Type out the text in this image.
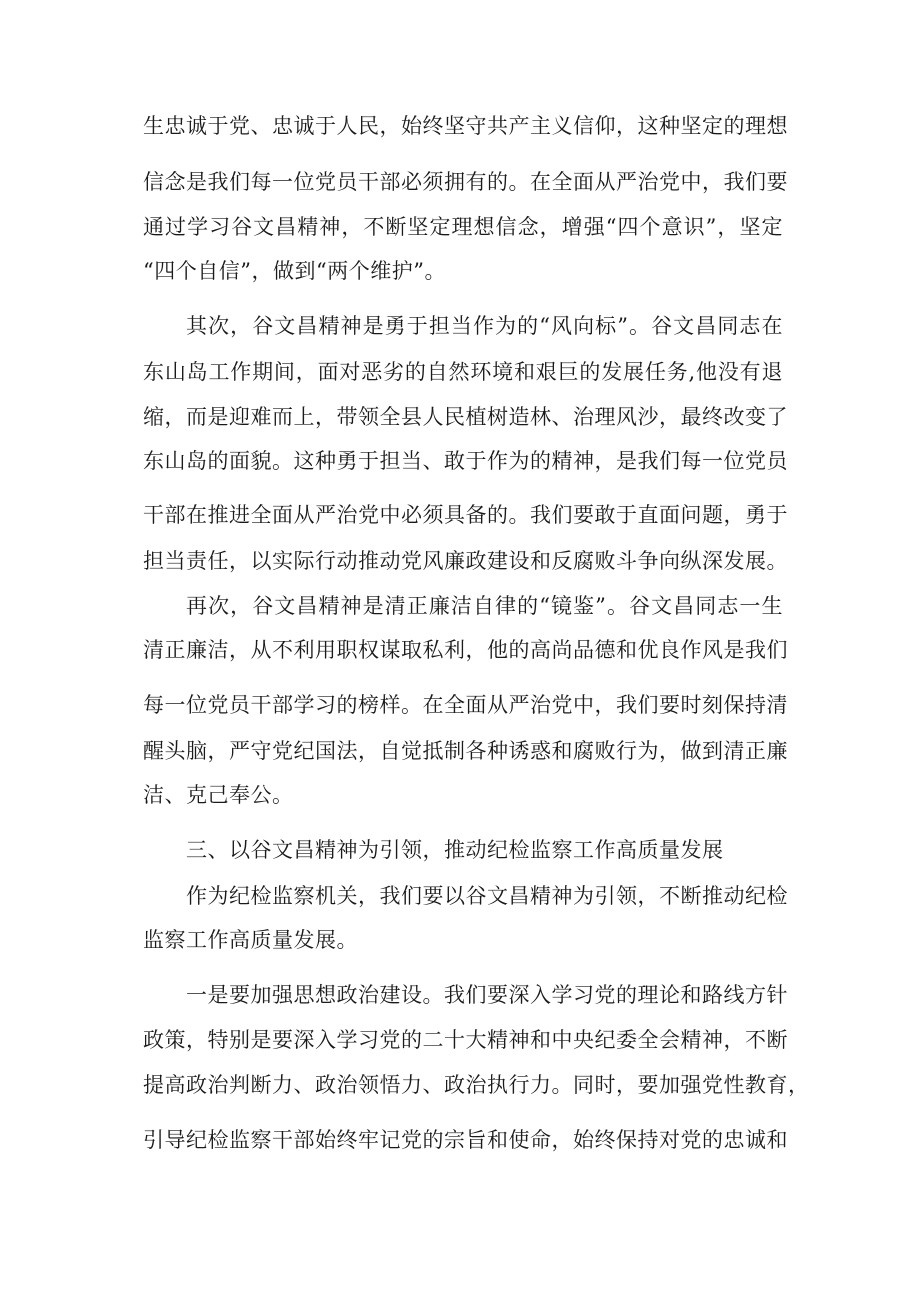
生忠诚于党、忠诚于人民，始终坚守共产主义信仰，这种坚定的理想
信念是我们每一位党员干部必须拥有的。在全面从严治党中，我们要
通过学习谷文昌精神，不断坚定理想信念，增强“四个意识”，坚定
“四个自信”，做到“两个维护”。
其次，谷文昌精神是勇于担当作为的“风向标”。谷文昌同志在
东山岛工作期间，面对恶劣的自然环境和艰巨的发展任务,他没有退
缩，而是迎难而上，带领全县人民植树造林、治理风沙，最终改变了
东山岛的面貌。这种勇于担当、敢于作为的精神，是我们每一位党员
干部在推进全面从严治党中必须具备的。我们要敢于直面问题，勇于
担当责任，以实际行动推动党风廉政建设和反腐败斗争向纵深发展。
再次，谷文昌精神是清正廉洁自律的“镜鉴”。谷文昌同志一生
清正廉洁，从不利用职权谋取私利，他的高尚品德和优良作风是我们
每一位党员干部学习的榜样。在全面从严治党中，我们要时刻保持清
醒头脑，严守党纪国法，自觉抵制各种诱惑和腐败行为，做到清正廉
洁、克己奉公。
三、以谷文昌精神为引领，推动纪检监察工作高质量发展
作为纪检监察机关，我们要以谷文昌精神为引领，不断推动纪检
监察工作高质量发展。
一是要加强思想政治建设。我们要深入学习党的理论和路线方针
政策，特别是要深入学习党的二十大精神和中央纪委全会精神，不断
提高政治判断力、政治领悟力、政治执行力。同时，要加强党性教育，
引导纪检监察干部始终牢记党的宗旨和使命，始终保持对党的忠诚和
